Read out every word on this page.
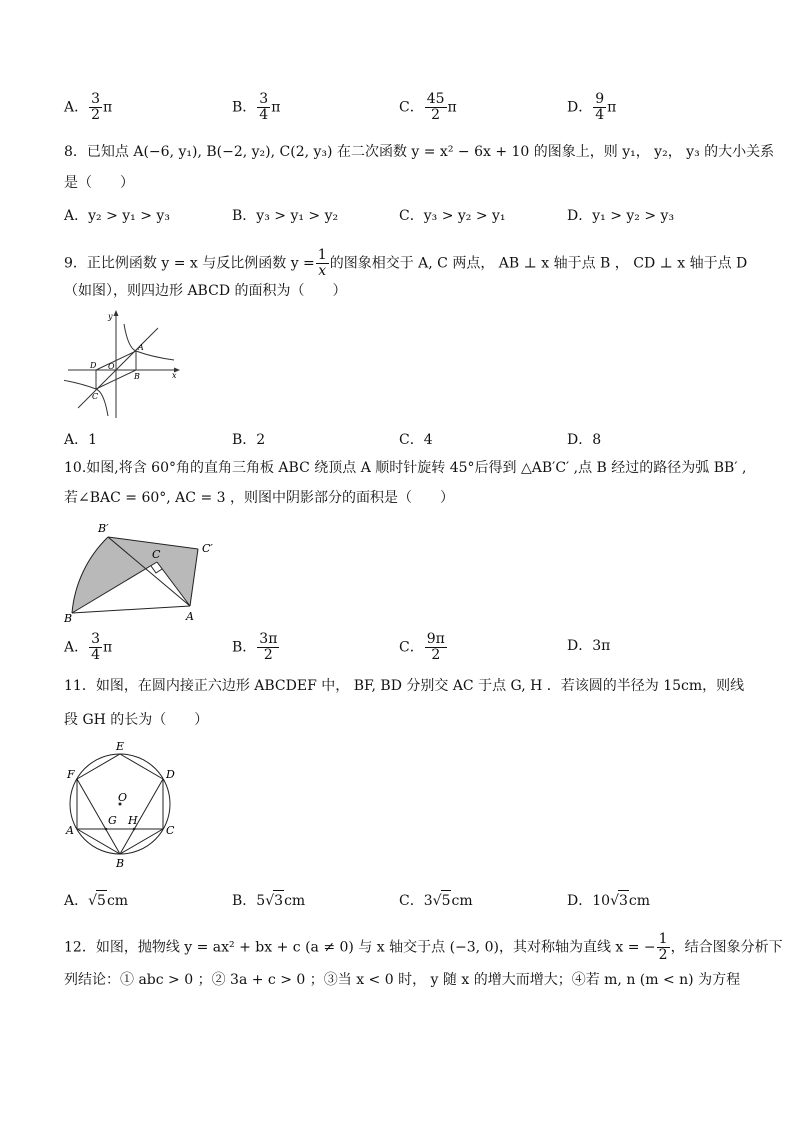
A． $\frac{3}{2}$ π	B． $\frac{3}{4}$ π	C． $\frac{45}{2}$ π	D． $\frac{9}{4}$ π
8．已知点 A(−6, y₁), B(−2, y₂), C(2, y₃) 在二次函数 y = x² − 6x + 10 的图象上，则 y₁， y₂， y₃ 的大小关系
是（　　）
A．y₂ > y₁ > y₃	B．y₃ > y₁ > y₂	C．y₃ > y₂ > y₁	D．y₁ > y₂ > y₃
9．正比例函数 y = x 与反比例函数 $y = \frac{1}{x}$ 的图象相交于 A, C 两点， AB ⊥ x 轴于点 B ， CD ⊥ x 轴于点 D
（如图），则四边形 ABCD 的面积为（　　）
y
x
A
B
C
D O
A．1	B．2	C．4	D．8
10.如图,将含 60°角的直角三角板 ABC 绕顶点 A 顺时针旋转 45°后得到 △AB′C′ ,点 B 经过的路径为弧 BB′ ,
若∠BAC = 60°, AC = 3 ，则图中阴影部分的面积是（　　）
B′
C′
C
B	A
A． $\frac{3}{4}$ π	B． $\frac{3\pi}{2}$	C． $\frac{9\pi}{2}$	D．3π
11．如图，在圆内接正六边形 ABCDEF 中， BF, BD 分别交 AC 于点 G, H ．若该圆的半径为 15cm，则线
段 GH 的长为（　　）
E
F	D
O
A
G H
C
B
A．√5cm	B．5√3cm	C．3√5cm	D．10√3cm
12．如图，抛物线 y = ax² + bx + c (a ≠ 0) 与 x 轴交于点 (−3, 0)，其对称轴为直线 x = − $\frac{1}{2}$ ，结合图象分析下
列结论：① abc > 0 ；② 3a + c > 0 ；③当 x < 0 时， y 随 x 的增大而增大；④若 m, n (m < n) 为方程
